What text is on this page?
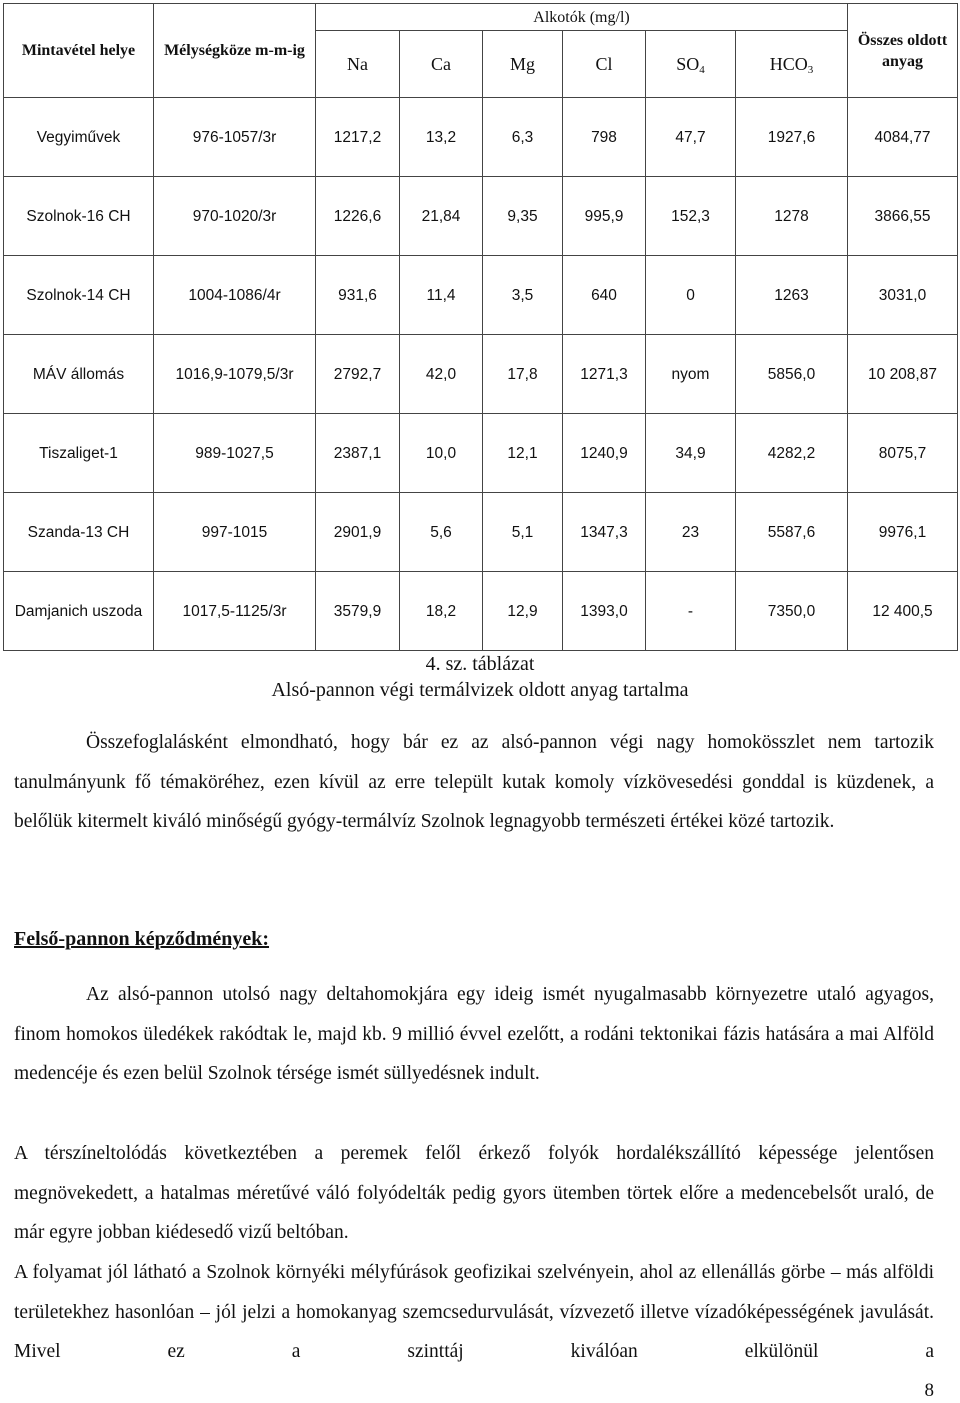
Mintavétel helye	Mélységköze m-m-ig	Alkotók (mg/l)						Összes oldott anyag
		Na	Ca	Mg	Cl	$SO_4$	$HCO_3$
Vegyiművek	976-1057/3r	1217,2	13,2	6,3	798	47,7	1927,6	4084,77
Szolnok-16 CH	970-1020/3r	1226,6	21,84	9,35	995,9	152,3	1278	3866,55
Szolnok-14 CH	1004-1086/4r	931,6	11,4	3,5	640	0	1263	3031,0
MÁV állomás	1016,9-1079,5/3r	2792,7	42,0	17,8	1271,3	nyom	5856,0	10 208,87
Tiszaliget-1	989-1027,5	2387,1	10,0	12,1	1240,9	34,9	4282,2	8075,7
Szanda-13 CH	997-1015	2901,9	5,6	5,1	1347,3	23	5587,6	9976,1
Damjanich uszoda	1017,5-1125/3r	3579,9	18,2	12,9	1393,0	-	7350,0	12 400,5
4. sz. táblázat
Alsó-pannon végi termálvizek oldott anyag tartalma

Összefoglalásként elmondható, hogy bár ez az alsó-pannon végi nagy homokösszlet nem tartozik tanulmányunk fő témaköréhez, ezen kívül az erre települt kutak komoly vízkövesedési gonddal is küzdenek, a belőlük kitermelt kiváló minőségű gyógy-termálvíz Szolnok legnagyobb természeti értékei közé tartozik.

Felső-pannon képződmények:

Az alsó-pannon utolsó nagy deltahomokjára egy ideig ismét nyugalmasabb környezetre utaló agyagos, finom homokos üledékek rakódtak le, majd kb. 9 millió évvel ezelőtt, a rodáni tektonikai fázis hatására a mai Alföld medencéje és ezen belül Szolnok térsége ismét süllyedésnek indult.

A térszíneltolódás következtében a peremek felől érkező folyók hordalékszállító képessége jelentősen megnövekedett, a hatalmas méretűvé váló folyódelták pedig gyors ütemben törtek előre a medencebelsőt uraló, de már egyre jobban kiédesedő vizű beltóban.

A folyamat jól látható a Szolnok környéki mélyfúrások geofizikai szelvényein, ahol az ellenállás görbe – más alföldi területekhez hasonlóan – jól jelzi a homokanyag szemcsedurvulását, vízvezető illetve vízadóképességének javulását. Mivel ez a szinttáj kiválóan elkülönül a

8
